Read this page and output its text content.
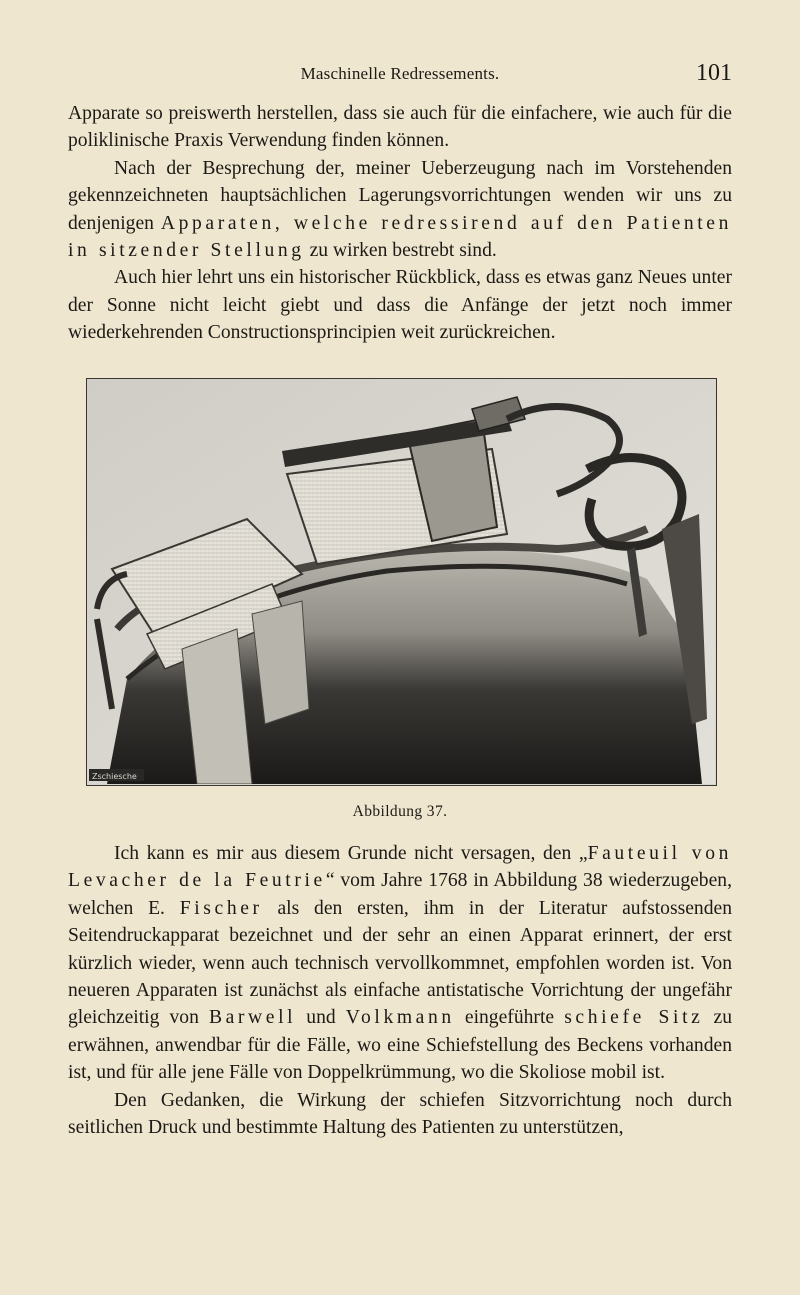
Maschinelle Redressements.	101

Apparate so preiswerth herstellen, dass sie auch für die einfachere, wie auch für die poliklinische Praxis Verwendung finden können.

Nach der Besprechung der, meiner Ueberzeugung nach im Vorstehenden gekennzeichneten hauptsächlichen Lagerungsvorrichtungen wenden wir uns zu denjenigen Apparaten, welche redressirend auf den Patienten in sitzender Stellung zu wirken bestrebt sind.

Auch hier lehrt uns ein historischer Rückblick, dass es etwas ganz Neues unter der Sonne nicht leicht giebt und dass die Anfänge der jetzt noch immer wiederkehrenden Constructionsprincipien weit zurückreichen.

Zschiesche
Abbildung 37.

Ich kann es mir aus diesem Grunde nicht versagen, den „Fauteuil von Levacher de la Feutrie“ vom Jahre 1768 in Abbildung 38 wiederzugeben, welchen E. Fischer als den ersten, ihm in der Literatur aufstossenden Seitendruckapparat bezeichnet und der sehr an einen Apparat erinnert, der erst kürzlich wieder, wenn auch technisch vervollkommnet, empfohlen worden ist. Von neueren Apparaten ist zunächst als einfache antistatische Vorrichtung der ungefähr gleichzeitig von Barwell und Volkmann eingeführte schiefe Sitz zu erwähnen, anwendbar für die Fälle, wo eine Schiefstellung des Beckens vorhanden ist, und für alle jene Fälle von Doppelkrümmung, wo die Skoliose mobil ist.

Den Gedanken, die Wirkung der schiefen Sitzvorrichtung noch durch seitlichen Druck und bestimmte Haltung des Patienten zu unterstützen,
